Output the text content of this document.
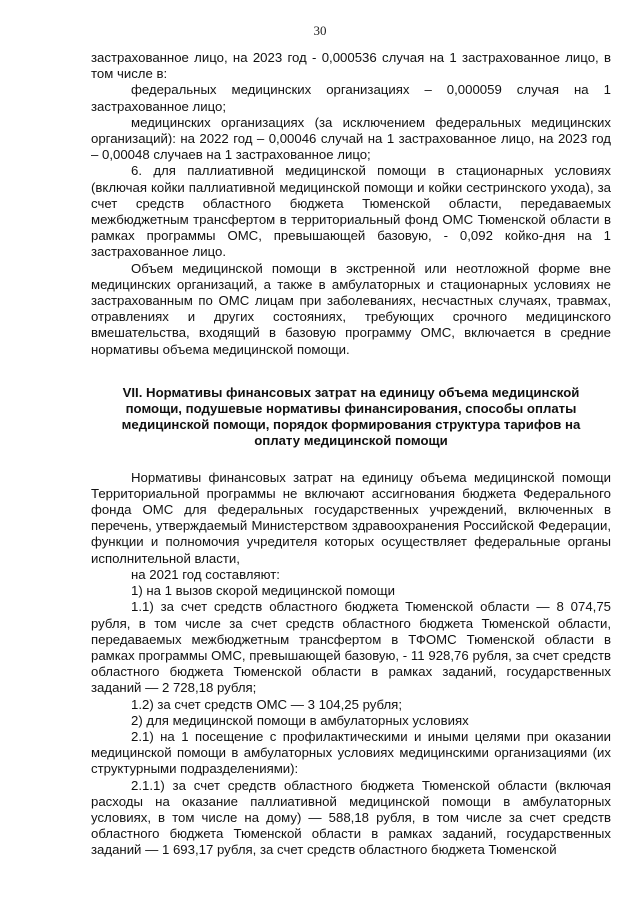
30

застрахованное лицо, на 2023 год - 0,000536 случая на 1 застрахованное лицо, в том числе в:

федеральных медицинских организациях – 0,000059 случая на 1 застрахованное лицо;

медицинских организациях (за исключением федеральных медицинских организаций): на 2022 год – 0,00046 случай на 1 застрахованное лицо, на 2023 год – 0,00048 случаев на 1 застрахованное лицо;

6. для паллиативной медицинской помощи в стационарных условиях (включая койки паллиативной медицинской помощи и койки сестринского ухода), за счет средств областного бюджета Тюменской области, передаваемых межбюджетным трансфертом в территориальный фонд ОМС Тюменской области в рамках программы ОМС, превышающей базовую, - 0,092 койко-дня на 1 застрахованное лицо.

Объем медицинской помощи в экстренной или неотложной форме вне медицинских организаций, а также в амбулаторных и стационарных условиях не застрахованным по ОМС лицам при заболеваниях, несчастных случаях, травмах, отравлениях и других состояниях, требующих срочного медицинского вмешательства, входящий в базовую программу ОМС, включается в средние нормативы объема медицинской помощи.

VII. Нормативы финансовых затрат на единицу объема медицинской помощи, подушевые нормативы финансирования, способы оплаты медицинской помощи, порядок формирования структура тарифов на оплату медицинской помощи

Нормативы финансовых затрат на единицу объема медицинской помощи Территориальной программы не включают ассигнования бюджета Федерального фонда ОМС для федеральных государственных учреждений, включенных в перечень, утверждаемый Министерством здравоохранения Российской Федерации, функции и полномочия учредителя которых осуществляет федеральные органы исполнительной власти,

на 2021 год составляют:

1) на 1 вызов скорой медицинской помощи

1.1) за счет средств областного бюджета Тюменской области — 8 074,75 рубля, в том числе за счет средств областного бюджета Тюменской области, передаваемых межбюджетным трансфертом в ТФОМС Тюменской области в рамках программы ОМС, превышающей базовую, - 11 928,76 рубля, за счет средств областного бюджета Тюменской области в рамках заданий, государственных заданий — 2 728,18 рубля;

1.2) за счет средств ОМС — 3 104,25 рубля;

2) для медицинской помощи в амбулаторных условиях

2.1) на 1 посещение с профилактическими и иными целями при оказании медицинской помощи в амбулаторных условиях медицинскими организациями (их структурными подразделениями):

2.1.1) за счет средств областного бюджета Тюменской области (включая расходы на оказание паллиативной медицинской помощи в амбулаторных условиях, в том числе на дому) — 588,18 рубля, в том числе за счет средств областного бюджета Тюменской области в рамках заданий, государственных заданий — 1 693,17 рубля, за счет средств областного бюджета Тюменской
